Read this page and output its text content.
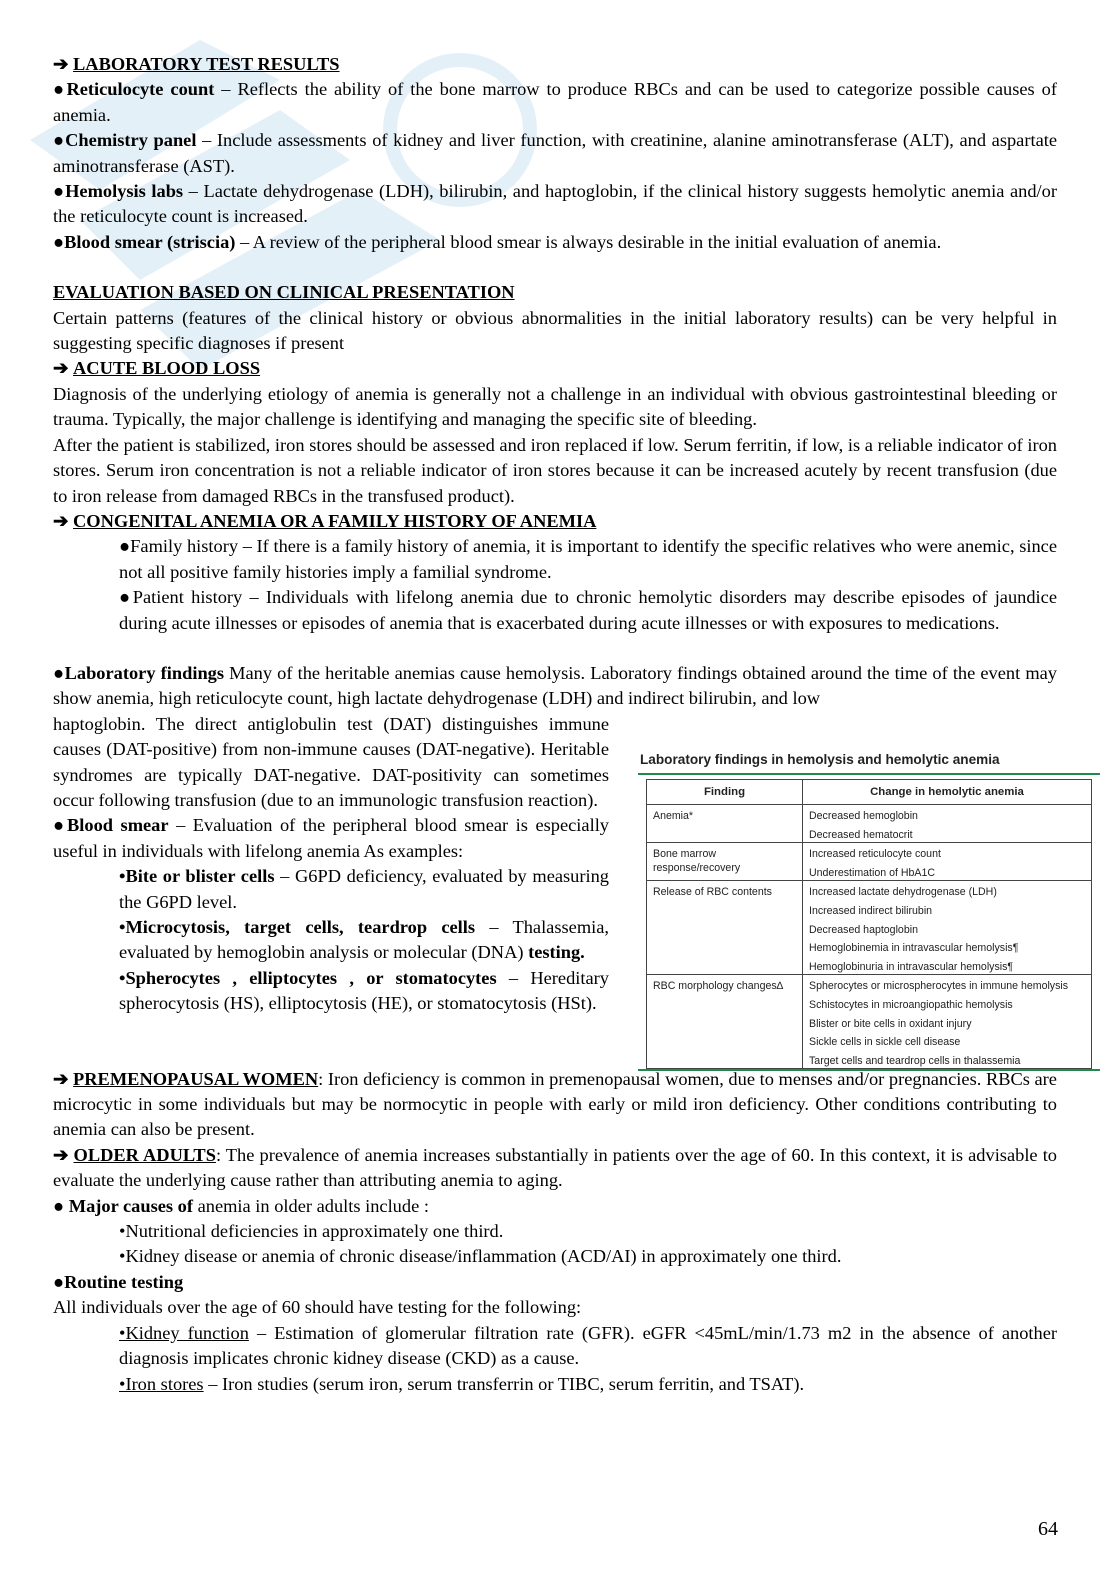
➔ LABORATORY TEST RESULTS

●Reticulocyte count – Reflects the ability of the bone marrow to produce RBCs and can be used to categorize possible causes of anemia.

●Chemistry panel – Include assessments of kidney and liver function, with creatinine, alanine aminotransferase (ALT), and aspartate aminotransferase (AST).

●Hemolysis labs – Lactate dehydrogenase (LDH), bilirubin, and haptoglobin, if the clinical history suggests hemolytic anemia and/or the reticulocyte count is increased.

●Blood smear (striscia) – A review of the peripheral blood smear is always desirable in the initial evaluation of anemia.

EVALUATION BASED ON CLINICAL PRESENTATION

Certain patterns (features of the clinical history or obvious abnormalities in the initial laboratory results) can be very helpful in suggesting specific diagnoses if present

➔ ACUTE BLOOD LOSS

Diagnosis of the underlying etiology of anemia is generally not a challenge in an individual with obvious gastrointestinal bleeding or trauma. Typically, the major challenge is identifying and managing the specific site of bleeding.

After the patient is stabilized, iron stores should be assessed and iron replaced if low. Serum ferritin, if low, is a reliable indicator of iron stores. Serum iron concentration is not a reliable indicator of iron stores because it can be increased acutely by recent transfusion (due to iron release from damaged RBCs in the transfused product).

➔ CONGENITAL ANEMIA OR A FAMILY HISTORY OF ANEMIA

●Family history – If there is a family history of anemia, it is important to identify the specific relatives who were anemic, since not all positive family histories imply a familial syndrome.

●Patient history – Individuals with lifelong anemia due to chronic hemolytic disorders may describe episodes of jaundice during acute illnesses or episodes of anemia that is exacerbated during acute illnesses or with exposures to medications.

●Laboratory findings Many of the heritable anemias cause hemolysis. Laboratory findings obtained around the time of the event may show anemia, high reticulocyte count, high lactate dehydrogenase (LDH) and indirect bilirubin, and low

haptoglobin. The direct antiglobulin test (DAT) distinguishes immune causes (DAT-positive) from non-immune causes (DAT-negative). Heritable syndromes are typically DAT-negative. DAT-positivity can sometimes occur following transfusion (due to an immunologic transfusion reaction).

●Blood smear – Evaluation of the peripheral blood smear is especially useful in individuals with lifelong anemia As examples:

•Bite or blister cells – G6PD deficiency, evaluated by measuring the G6PD level.

•Microcytosis, target cells, teardrop cells – Thalassemia, evaluated by hemoglobin analysis or molecular (DNA) testing.

•Spherocytes , elliptocytes , or stomatocytes – Hereditary spherocytosis (HS), elliptocytosis (HE), or stomatocytosis (HSt).

➔ PREMENOPAUSAL WOMEN: Iron deficiency is common in premenopausal women, due to menses and/or pregnancies. RBCs are microcytic in some individuals but may be normocytic in people with early or mild iron deficiency. Other conditions contributing to anemia can also be present.

➔ OLDER ADULTS: The prevalence of anemia increases substantially in patients over the age of 60. In this context, it is advisable to evaluate the underlying cause rather than attributing anemia to aging.

● Major causes of anemia in older adults include :

•Nutritional deficiencies in approximately one third.

•Kidney disease or anemia of chronic disease/inflammation (ACD/AI) in approximately one third.

●Routine testing

All individuals over the age of 60 should have testing for the following:

•Kidney function – Estimation of glomerular filtration rate (GFR). eGFR <45mL/min/1.73 m2 in the absence of another diagnosis implicates chronic kidney disease (CKD) as a cause.

•Iron stores – Iron studies (serum iron, serum transferrin or TIBC, serum ferritin, and TSAT).

Laboratory findings in hemolysis and hemolytic anemia
Finding	Change in hemolytic anemia
Anemia*	Decreased hemoglobin
	Decreased hematocrit
Bone marrow response/recovery	Increased reticulocyte count
	Underestimation of HbA1C
Release of RBC contents	Increased lactate dehydrogenase (LDH)
	Increased indirect bilirubin
	Decreased haptoglobin
	Hemoglobinemia in intravascular hemolysis¶
	Hemoglobinuria in intravascular hemolysis¶
RBC morphology changes∆	Spherocytes or microspherocytes in immune hemolysis
	Schistocytes in microangiopathic hemolysis
	Blister or bite cells in oxidant injury
	Sickle cells in sickle cell disease
	Target cells and teardrop cells in thalassemia
64
